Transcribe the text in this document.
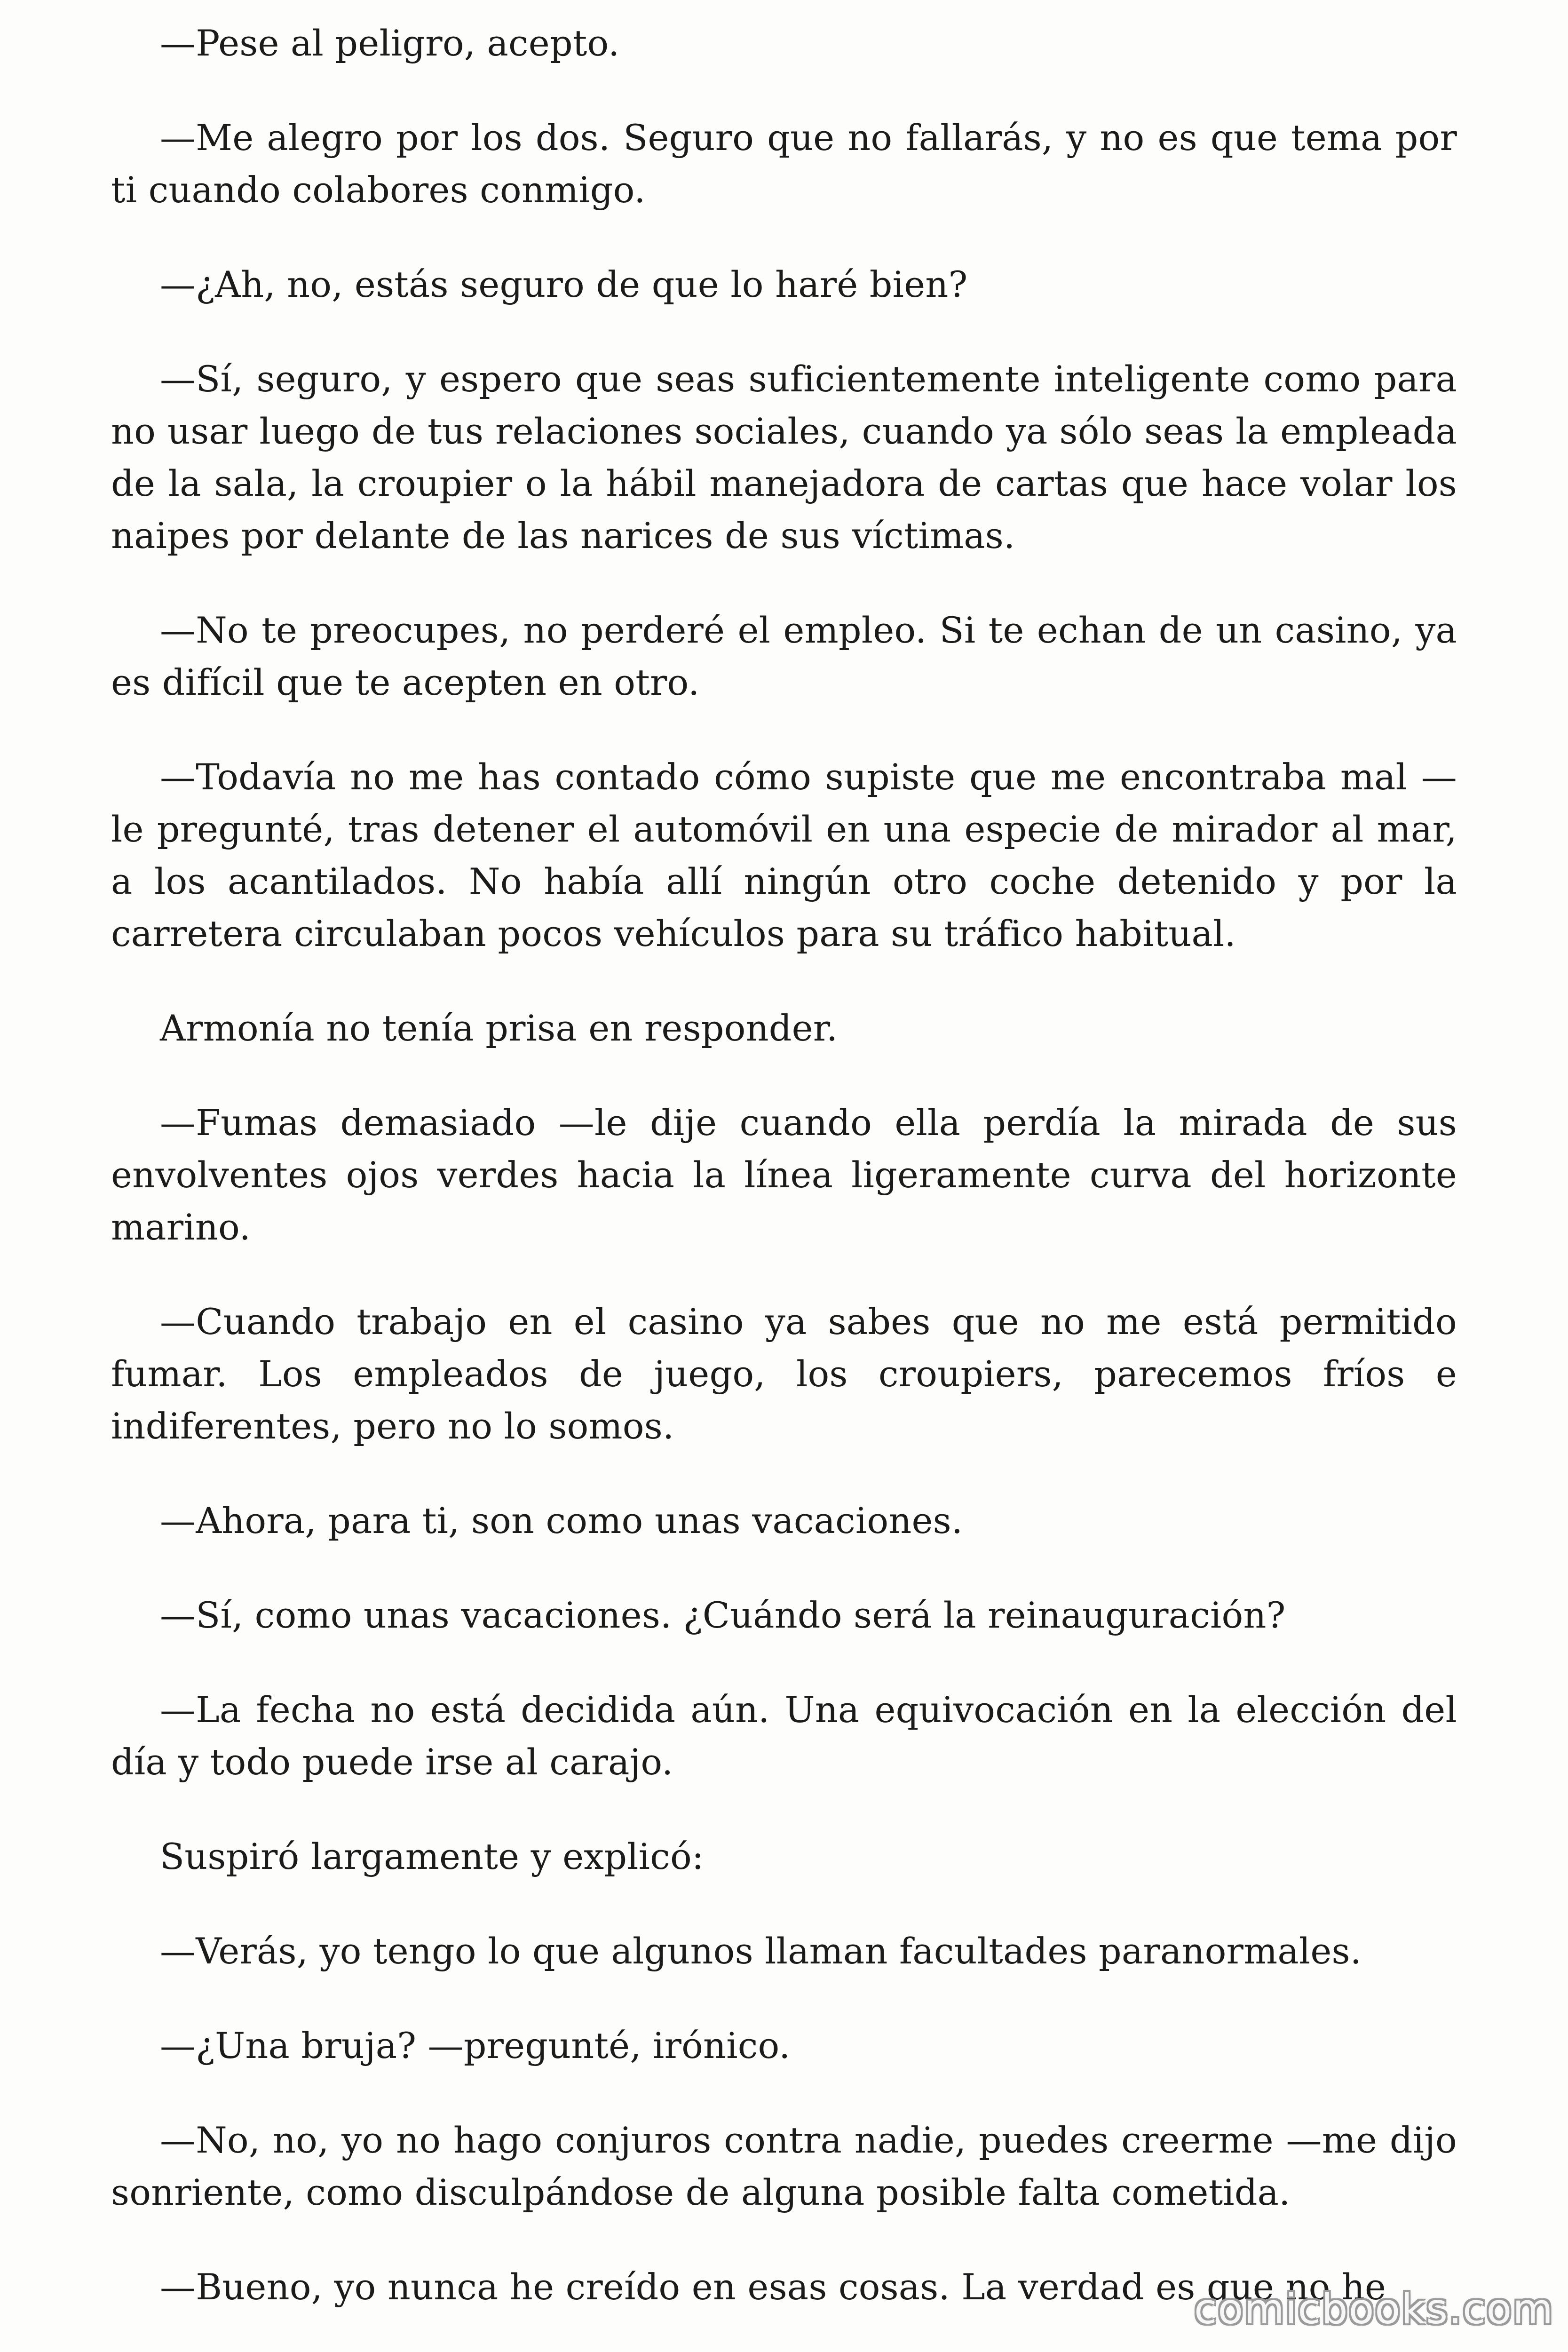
—Pese al peligro, acepto.

—Me alegro por los dos. Seguro que no fallarás, y no es que tema por ti cuando colabores conmigo.

—¿Ah, no, estás seguro de que lo haré bien?

—Sí, seguro, y espero que seas suficientemente inteligente como para no usar luego de tus relaciones sociales, cuando ya sólo seas la empleada de la sala, la croupier o la hábil manejadora de cartas que hace volar los naipes por delante de las narices de sus víctimas.

—No te preocupes, no perderé el empleo. Si te echan de un casino, ya es difícil que te acepten en otro.

—Todavía no me has contado cómo supiste que me encontraba mal —le pregunté, tras detener el automóvil en una especie de mirador al mar, a los acantilados. No había allí ningún otro coche detenido y por la carretera circulaban pocos vehículos para su tráfico habitual.

Armonía no tenía prisa en responder.

—Fumas demasiado —le dije cuando ella perdía la mirada de sus envolventes ojos verdes hacia la línea ligeramente curva del horizonte marino.

—Cuando trabajo en el casino ya sabes que no me está permitido fumar. Los empleados de juego, los croupiers, parecemos fríos e indiferentes, pero no lo somos.

—Ahora, para ti, son como unas vacaciones.

—Sí, como unas vacaciones. ¿Cuándo será la reinauguración?

—La fecha no está decidida aún. Una equivocación en la elección del día y todo puede irse al carajo.

Suspiró largamente y explicó:

—Verás, yo tengo lo que algunos llaman facultades paranormales.

—¿Una bruja? —pregunté, irónico.

—No, no, yo no hago conjuros contra nadie, puedes creerme —me dijo sonriente, como disculpándose de alguna posible falta cometida.

—Bueno, yo nunca he creído en esas cosas. La verdad es que no he

comicbooks.com
